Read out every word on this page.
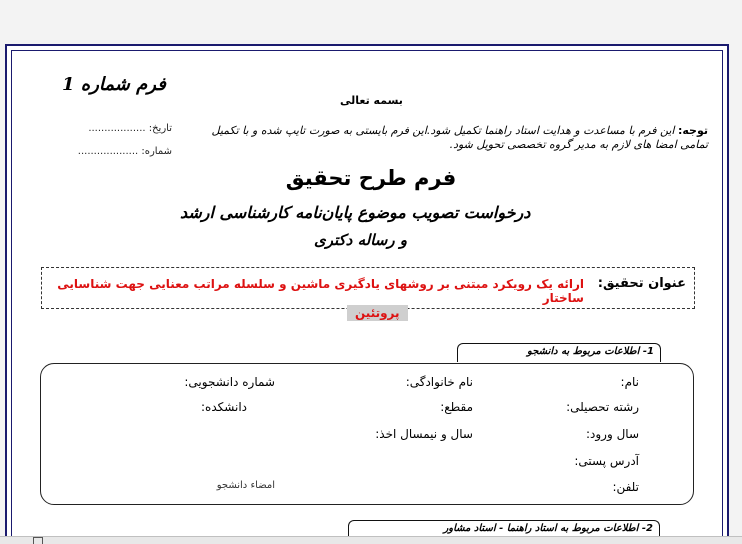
فرم شماره 1
بسمه تعالی
تاریخ: ..................
شماره: ...................
توجه: این فرم با مساعدت و هدایت استاد راهنما تکمیل شود.این فرم بایستی به صورت تایپ شده و با تکمیل تمامی امضا های لازم به مدیر گروه تخصصی تحویل شود.
فرم طرح تحقیق
درخواست تصویب موضوع پایان‌نامه کارشناسی ارشد
و رساله دکتری
عنوان تحقیق:
ارائه یک رویکرد مبتنی بر روشهای یادگیری ماشین و سلسله مراتب معنایی جهت شناسایی ساختار
پروتئین
1- اطلاعات مربوط به دانشجو
نام:
نام خانوادگی:
شماره دانشجویی:
رشته تحصیلی:
مقطع:
دانشکده:
سال ورود:
سال و نیمسال اخذ:
آدرس پستی:
تلفن:
امضاء دانشجو
2- اطلاعات مربوط به استاد راهنما - استاد مشاور
